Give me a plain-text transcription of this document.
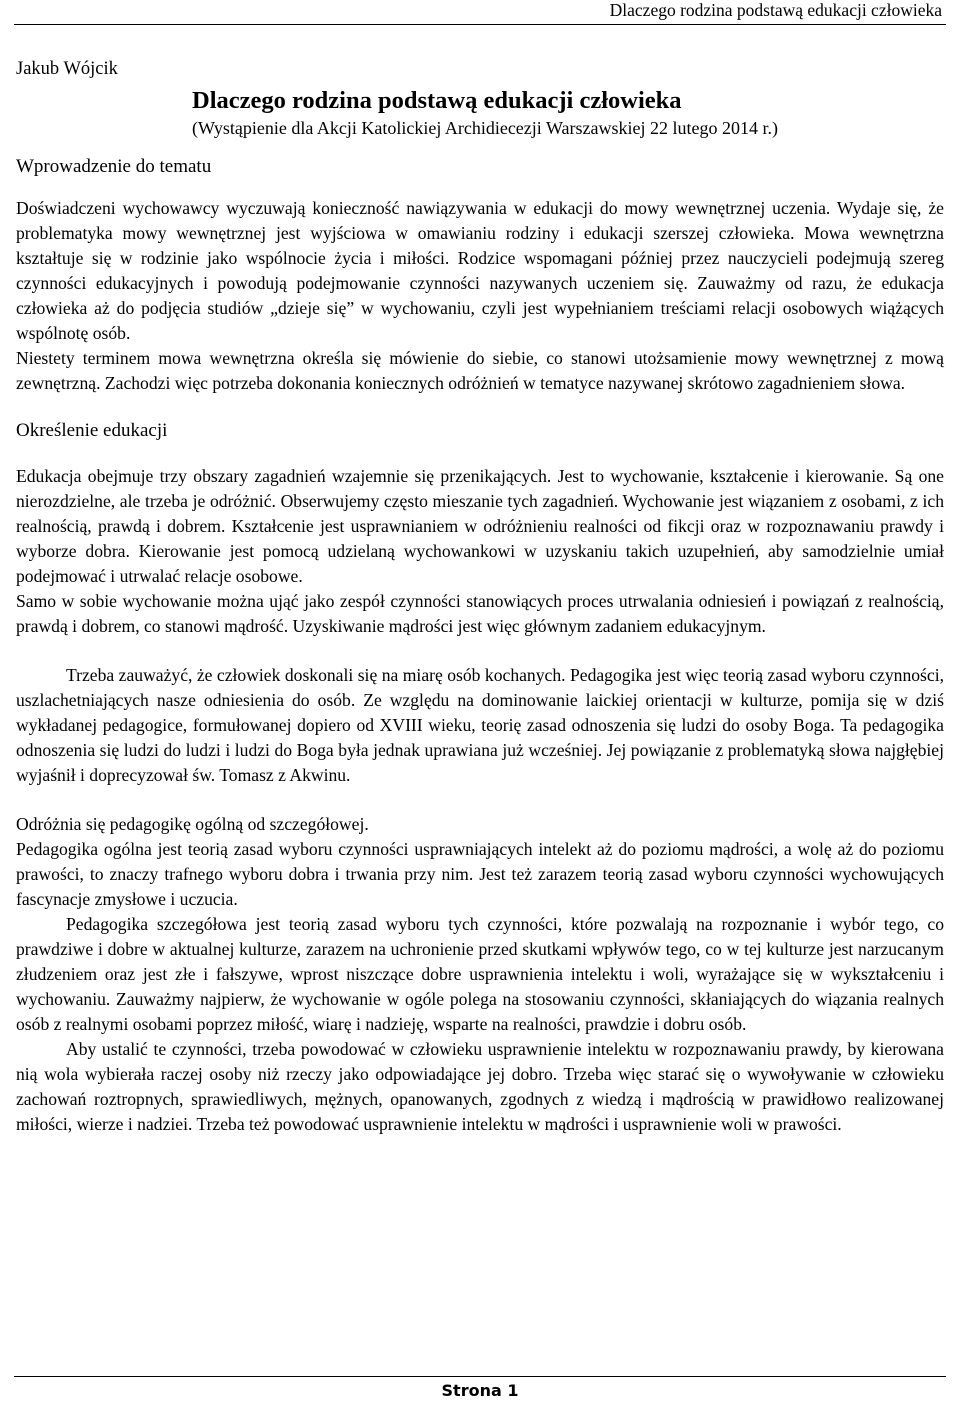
Dlaczego rodzina podstawą edukacji człowieka

Jakub Wójcik

Dlaczego rodzina podstawą edukacji człowieka

(Wystąpienie dla Akcji Katolickiej Archidiecezji Warszawskiej 22 lutego 2014 r.)

Wprowadzenie do tematu

Doświadczeni wychowawcy wyczuwają konieczność nawiązywania w edukacji do mowy wewnętrznej uczenia. Wydaje się, że problematyka mowy wewnętrznej jest wyjściowa w omawianiu rodziny i edukacji szerszej człowieka. Mowa wewnętrzna kształtuje się w rodzinie jako wspólnocie życia i miłości. Rodzice wspomagani później przez nauczycieli podejmują szereg czynności edukacyjnych i powodują podejmowanie czynności nazywanych uczeniem się. Zauważmy od razu, że edukacja człowieka aż do podjęcia studiów „dzieje się” w wychowaniu, czyli jest wypełnianiem treściami relacji osobowych wiążących wspólnotę osób.

Niestety terminem mowa wewnętrzna określa się mówienie do siebie, co stanowi utożsamienie mowy wewnętrznej z mową zewnętrzną. Zachodzi więc potrzeba dokonania koniecznych odróżnień w tematyce nazywanej skrótowo zagadnieniem słowa.

Określenie edukacji

Edukacja obejmuje trzy obszary zagadnień wzajemnie się przenikających. Jest to wychowanie, kształcenie i kierowanie. Są one nierozdzielne, ale trzeba je odróżnić. Obserwujemy często mieszanie tych zagadnień. Wychowanie jest wiązaniem z osobami, z ich realnością, prawdą i dobrem. Kształcenie jest usprawnianiem w odróżnieniu realności od fikcji oraz w rozpoznawaniu prawdy i wyborze dobra. Kierowanie jest pomocą udzielaną wychowankowi w uzyskaniu takich uzupełnień, aby samodzielnie umiał podejmować i utrwalać relacje osobowe.

Samo w sobie wychowanie można ująć jako zespół czynności stanowiących proces utrwalania odniesień i powiązań z realnością, prawdą i dobrem, co stanowi mądrość. Uzyskiwanie mądrości jest więc głównym zadaniem edukacyjnym.

Trzeba zauważyć, że człowiek doskonali się na miarę osób kochanych. Pedagogika jest więc teorią zasad wyboru czynności, uszlachetniających nasze odniesienia do osób. Ze względu na dominowanie laickiej orientacji w kulturze, pomija się w dziś wykładanej pedagogice, formułowanej dopiero od XVIII wieku, teorię zasad odnoszenia się ludzi do osoby Boga. Ta pedagogika odnoszenia się ludzi do ludzi i ludzi do Boga była jednak uprawiana już wcześniej. Jej powiązanie z problematyką słowa najgłębiej wyjaśnił i doprecyzował św. Tomasz z Akwinu.

Odróżnia się pedagogikę ogólną od szczegółowej.

Pedagogika ogólna jest teorią zasad wyboru czynności usprawniających intelekt aż do poziomu mądrości, a wolę aż do poziomu prawości, to znaczy trafnego wyboru dobra i trwania przy nim. Jest też zarazem teorią zasad wyboru czynności wychowujących fascynacje zmysłowe i uczucia.

Pedagogika szczegółowa jest teorią zasad wyboru tych czynności, które pozwalają na rozpoznanie i wybór tego, co prawdziwe i dobre w aktualnej kulturze, zarazem na uchronienie przed skutkami wpływów tego, co w tej kulturze jest narzucanym złudzeniem oraz jest złe i fałszywe, wprost niszczące dobre usprawnienia intelektu i woli, wyrażające się w wykształceniu i wychowaniu. Zauważmy najpierw, że wychowanie w ogóle polega na stosowaniu czynności, skłaniających do wiązania realnych osób z realnymi osobami poprzez miłość, wiarę i nadzieję, wsparte na realności, prawdzie i dobru osób.

Aby ustalić te czynności, trzeba powodować w człowieku usprawnienie intelektu w rozpoznawaniu prawdy, by kierowana nią wola wybierała raczej osoby niż rzeczy jako odpowiadające jej dobro. Trzeba więc starać się o wywoływanie w człowieku zachowań roztropnych, sprawiedliwych, mężnych, opanowanych, zgodnych z wiedzą i mądrością w prawidłowo realizowanej miłości, wierze i nadziei. Trzeba też powodować usprawnienie intelektu w mądrości i usprawnienie woli w prawości.

Strona 1
